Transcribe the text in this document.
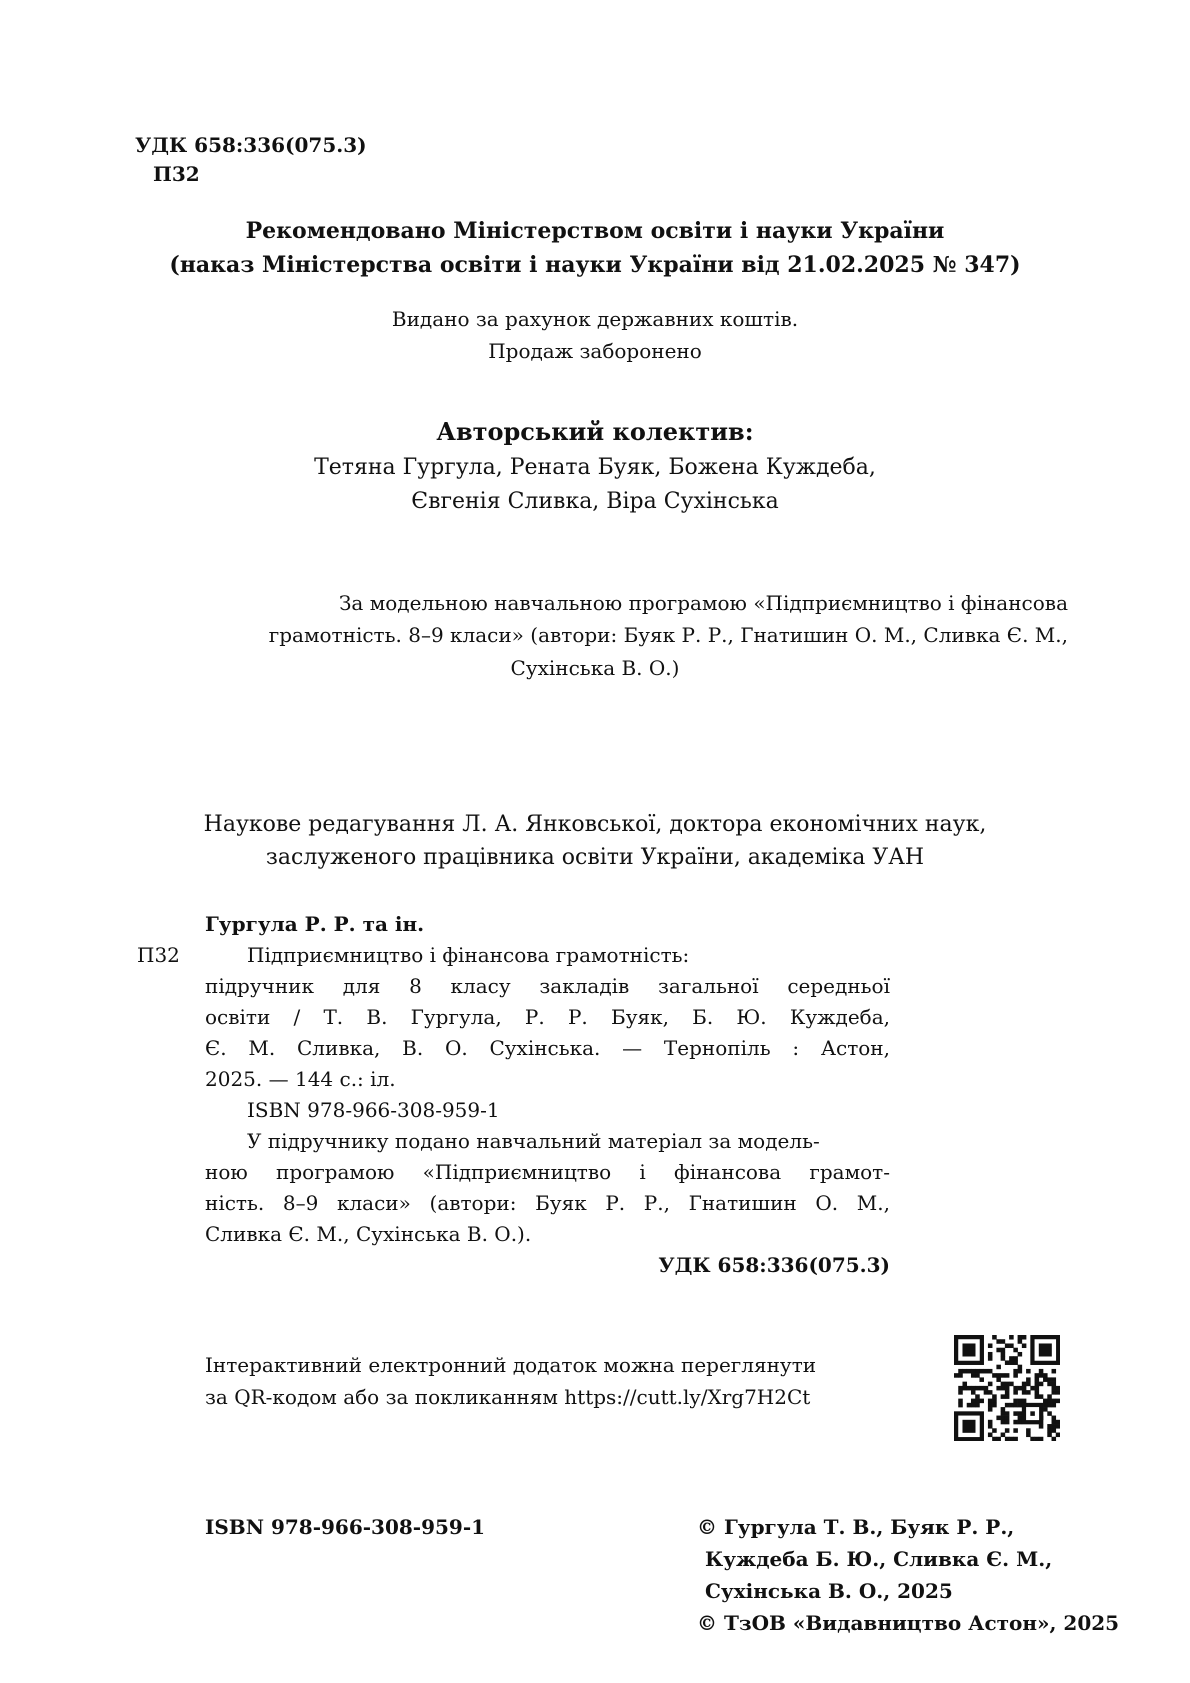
УДК 658:336(075.3)
П32
Рекомендовано Міністерством освіти і науки України
(наказ Міністерства освіти і науки України від 21.02.2025 № 347)
Видано за рахунок державних коштів.
Продаж заборонено
Авторський колектив:
Тетяна Гургула, Рената Буяк, Божена Куждеба,
Євгенія Сливка, Віра Сухінська
За модельною навчальною програмою «Підприємництво і фінансова
грамотність. 8–9 класи» (автори: Буяк Р. Р., Гнатишин О. М., Сливка Є. М.,
Сухінська В. О.)
Наукове редагування Л. А. Янковської, доктора економічних наук,
заслуженого працівника освіти України, академіка УАН
Гургула Р. Р. та ін.
П32	Підприємництво і фінансова грамотність:
підручник для 8 класу закладів загальної середньої
освіти / Т. В. Гургула, Р. Р. Буяк, Б. Ю. Куждеба,
Є. М. Сливка, В. О. Сухінська. — Тернопіль : Астон,
2025. — 144 с.: іл.
ISBN 978-966-308-959-1
У підручнику подано навчальний матеріал за модель-
ною програмою «Підприємництво і фінансова грамот-
ність. 8–9 класи» (автори: Буяк Р. Р., Гнатишин О. М.,
Сливка Є. М., Сухінська В. О.).
УДК 658:336(075.3)
Інтерактивний електронний додаток можна переглянути
за QR-кодом або за покликанням https://cutt.ly/Xrg7H2Ct
ISBN 978-966-308-959-1	© Гургула Т. В., Буяк Р. Р.,
Куждеба Б. Ю., Сливка Є. М.,
Сухінська В. О., 2025
© ТзОВ «Видавництво Астон», 2025
